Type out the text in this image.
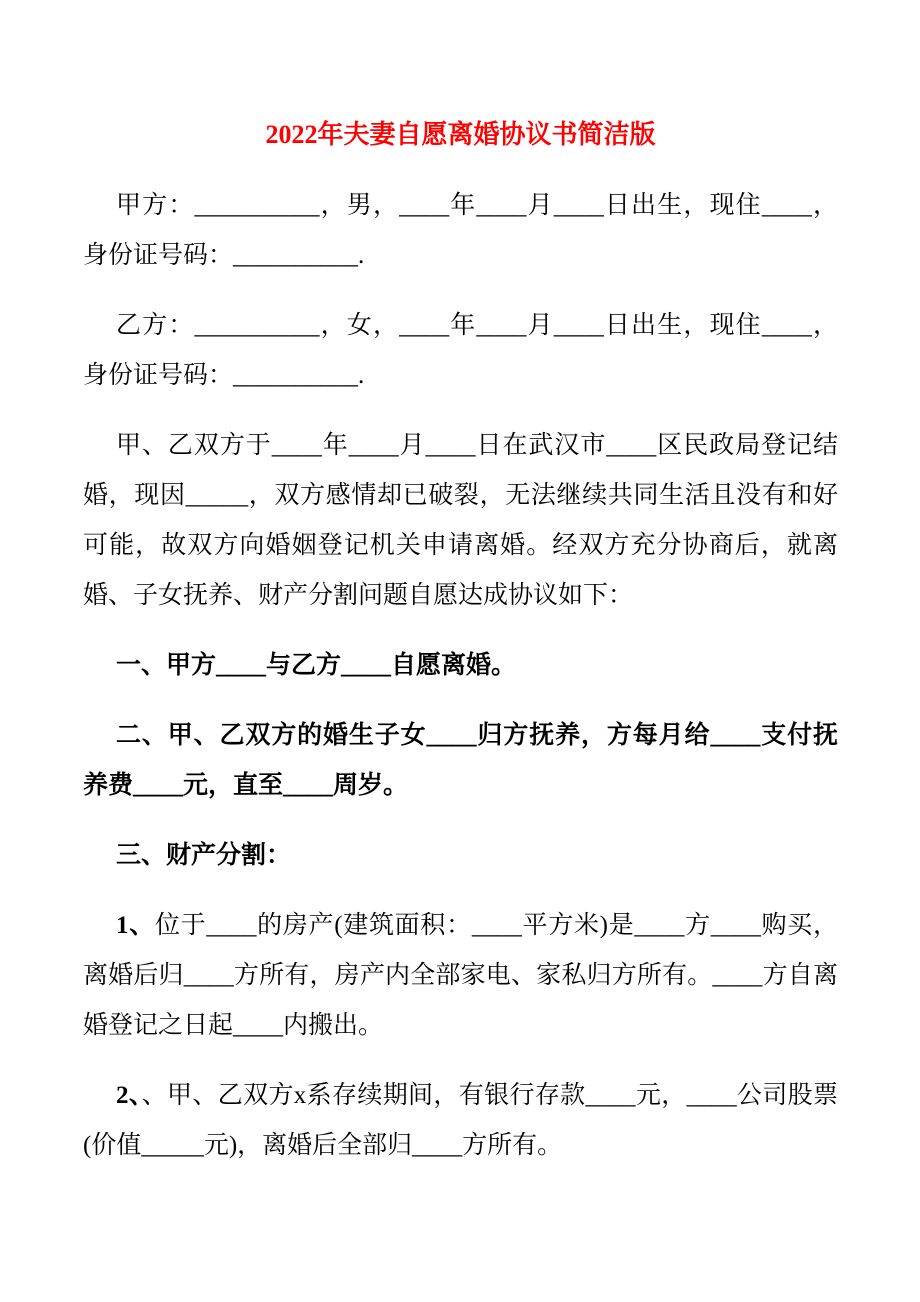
2022年夫妻自愿离婚协议书简洁版

甲方：__________，男，____年____月____日出生，现住____，身份证号码：__________.

乙方：__________，女，____年____月____日出生，现住____，身份证号码：__________.

甲、乙双方于____年____月____日在武汉市____区民政局登记结婚，现因_____，双方感情却已破裂，无法继续共同生活且没有和好可能，故双方向婚姻登记机关申请离婚。经双方充分协商后，就离婚、子女抚养、财产分割问题自愿达成协议如下：

一、甲方____与乙方____自愿离婚。

二、甲、乙双方的婚生子女____归方抚养，方每月给____支付抚养费____元，直至____周岁。

三、财产分割：

1、位于____的房产(建筑面积：____平方米)是____方____购买，离婚后归____方所有，房产内全部家电、家私归方所有。____方自离婚登记之日起____内搬出。

2、、甲、乙双方x系存续期间，有银行存款____元，____公司股票(价值_____元)，离婚后全部归____方所有。
